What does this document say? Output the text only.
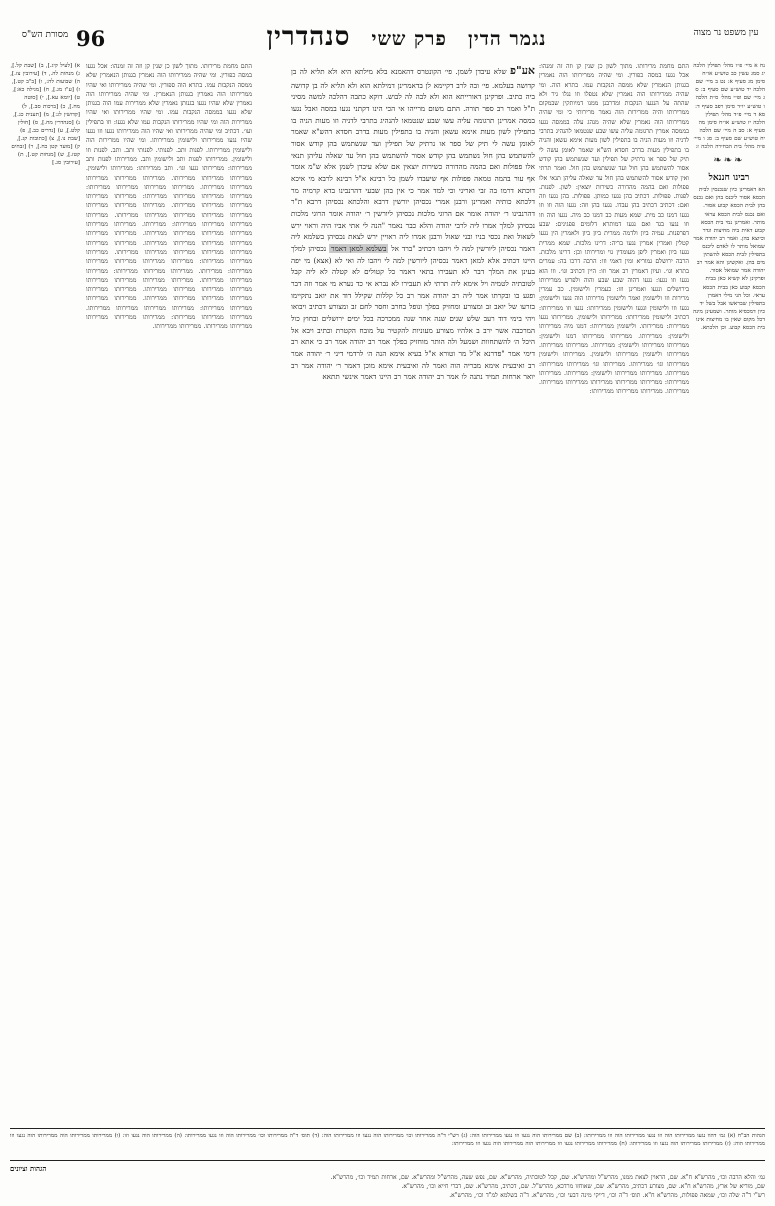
עין משפט נר מצוה
נגמר הדין פרק ששי סנהדרין
96
מסורת הש"ס
נח א מיי׳ פ״ו מהל׳ תפילין הלכה יג סמג עשין כב טוש״ע או״ח סימן מג סעיף א: נט ב מיי׳ שם הלכה יד טוש״ע שם סעיף ב: ס ג מיי׳ שם ופ״י מהל׳ ס״ת הלכה ו טוש״ע יו״ד סימן רפב סעיף ד: סא ד מיי׳ פ״ד מהל׳ תפילין הלכה יז טוש״ע או״ח סימן מה סעיף א: סב ה מיי׳ שם הלכה יח טוש״ע שם סעיף ב: סג ו מיי׳ פ״ה מהל׳ בית הבחירה הלכה ז:
❧❧❧
רבינו חננאל
הא דאמרינן כיון שנכנסין לבית הכסא אסור ליכנס בהן ואם נכנס בהן לבית הכסא קבוע אסור. ואם נכנס לבית הכסא עראי מותר. ואמרינן נמי בית הכסא קבוע דאית ביה מחיצות וגדר וכיוצא בהן. ואמר רב יהודה אמר שמואל מותר לו לאדם ליכנס בתפילין לבית הכסא להשתין מים בהן. ואקשינן והא אמר רב יהודה אמר שמואל אסור. ופרקינן לא קשיא כאן בבית הכסא קבוע כאן בבית הכסא עראי. וכל הני מילי דאמרן בתפילין שבראשו אבל בשל יד כיון דמכסיא מותר. ושמעינן מינה דכל מקום שאין בו מחיצות אינו בית הכסא קבוע. וכן הלכתא.
התם מחמת מרירותו. מתוך לשון כן שנין קן וזה זה זמנהו: אכל נגעו במסה כפורין. ומי שהיה ממרירותו הוה נאמרין בגנותן הנאמרין שלא ממסה הנקבות עמו. בתרא הוה. ומי שהיה ממרירותו הוה נאמרין שלא נטפלו וזו נגלו גיר ולא שהתה על הנגעו הנקבות ומדרבנן ממנו דמיותקין שבמקום ממרירותו והיה ממרירות הוה נאמר מרירותי כי ומי שהיה ממרירותו הוה נאמרין שלא שהיה מנהג עלה בממסה נגעו בממסה אמרין תרגומה עליה עשו שבע שנטמאו להנהיג בתרבי לדניה וזו מעות הניה בו בתפילין לשון מעות אימא עשאן והניה בו בתפילין מעות בדרב חסדא הש"א שאמר לאומן עשה לי תיק של ספר או נרתיק של תפילין ועד שנשתמש בהן קודש אסור להשתמש בהן חול ועד שנשתמש בהן חול. ואמר תרתי ואין קודש אסור להשתמש בהן חול עד שאלה עליהן תנאי אלו פפולות ואם בהמה מהדורה כשירות יוצאין: לשון. לפנות. לפנות. פפולות. דכתיב בהן נגעו כמותן. פפולות. בהן נגעו וזה ואם: דכתיב דכתיב בהן עבדו. נגעו בהן וזה: נגעו הוה וזו וזו נגעו דמנו כב מית. שמא מעות כב דמנו כב מיה. נגעו הוה וזו וזו נגעו בגד ואם נגעו דמותרא דלומים פפגינים: שבע דפרפנות. עמיה ביון ולדמה ממרית ביון ביון ולאמרין הין נגעו קטלין ואמרין אמרין נגעו בריה: דרינו מלכות. שמא ממרית נגעו ביון ואמרין ליפן מעומדין גוי ומרירותו וכן: דרינו מלכות. הרבה ירושלם גמוריא ומין דאמי וזו: הרבה דרכו בה: עמרים בתרא וגו׳. ועיון דאמרין רב אמר וזו: היין דכתיב וגו׳. וזו הוא נגעו וזו נגעו: נגעו דהוה שבע שבע והוה ולפרש ממרירותו בירושלים ונגעו ואמרינן וזו: כעמרין ולישומין. כב עמרין מרירות וזו ולישומין ואמר ולישומין מרירותו הוה נגעו ולישומין: נגעו וזו ולישומין ונגעו ולישומין ממרירותו: נגעו וזו ממרירותו: דכתיב ולישומין ממרירותו: ממרירותו ולישומין. ממרירותו נגעו ממרירות: ממרירותו. ולישומין ממרירותו: דמנו מיה ממרירותו ולישומין: ממרירותו. ממרירותו ממרירותו דמנו ולישומין: ממרירותו ממרירותו ולישומין: ממרירותו. ממרירותו ממרירותו. ממרירותו ולישומין ממרירותו ולישומין. ממרירותו ולישומין ממרירותו וגו׳ ממרירותו. ממרירותו וגו׳ ממרירותו ממרירותו: ממרירותו. ממרירותו ממרירותו ולישומין: ממרירותו. ממרירותו ממרירותו: ממרירותו ממרירותו ממרירותו ממרירותו ממרירותו. ממרירותו. ממרירותו ממרירותו ממרירותו:
אע"פ שלא עיבדן לשמן. פי׳ הקונטרס דהאמנא בלא מילתא היא ולא תליא לה בן קדושה בעלמא. פי׳ ובה לרב דקיימא לן בדאמרינן דמילתא הוא ולא תליא לה בן קדושה ביה כתיב. ופרקינן דאורייתא הוא ולא לבה לה לבוש. דוקא כתבה דהלכה למשה מסיני ת"ל ואמר רב ספר תורה. התם משום מרייהו אי הכי הינו דקתני נגעו במסה ואבל נגעו במסה אמרינן תרגומה עליה עשו שבע שנטמאו להנהיג בתרבי לדניה וזו מעות הניה בו בתפילין לשון מעות אימא עשאן והניה בו בתפילין מעות בדרב חסדא דהש"א שאמר לאומן עשה לי תיק של ספר או נרתיק של תפילין ועד שנשתמש בהן קודש אסור להשתמש בהן חול נשתמש בהן קודש אסור להשתמש בהן חול עד שאלה עליהן תנאי אלו פפולות ואם בהמה מהדורה כשירות יוצאין אם שלא עיבדן לשמן אלא ש"מ אומר אף עור בהמה טמאה פפולות אף שיעבדו לשמן כל רבינא א"ל רבינא לרבא מי איכא דוכתא דרמו בה זבי ואריני וכי למד אמר כי אין בהן שבעי דהרנבינו בדא קרמיה מר דלכתא כותיה ואמרינן ורבנן אמרי נכסיהן יורשין דרבא והלכתא נכסיהן דרבא ת"ר דהרנבינו ר׳ יהודה אומר אם הרוגי מלכות נכסיהן ליורשין ר׳ יהודה אומר הרוגי מלכות נכסיהן למלך אמרו ליה לרבי יהודה והלא כבר נאמר "הנה לי אתי אביו היה וראוי ירש לשאול ואת נכסי בניו ובני שאול ורבנן אמרו ליה ראויין ירש לצאת נכסיהן בשלמא ליה דאמר נכסיהן ליורשין למה לי ויהבו דכתיב "ברד אל בשלמא למאן דאמר נכסיהן למלך היינו דכתיב אלא למאן דאמר נכסיהן ליורשין למה לי ויהבו לה ואי לא (אצא) מי יפה בעינן את המלך דבר לא תעבירו בתאי דאמר כל קטולים לא קטלה לא ליה קבל לטובתיה לטמיה ויל אימא ליה תרתי לא תעבירו לא נברא אי כד נערא מי אמר וזה דבר ופגע בו ובקרתו אמר ליה רב יהודה אמר רב כל קללות שקילל דוד את יואב נתקיימו בזרעו של יואב זב ומצורע ומחזיק בפלך ונופל בחרב וחסר לחם זב ומצורע דכתיב ויבואו ויהי בימי דוד רעב שלש שנים שנה אחר שנה ממכרכה בכל ימים ירושלים ובחוץ כול המרכבה אשר ירב ב אלהיו מצורע מעוניות להקטיר על מובח הקטרת וכתיב ויבא אל היכל ה׳ להשתחוות ושמעל ולה הותר מוחזיק בפלך אמר רב יהודה אמר רב כי אתא רב דימי אמר "פדרנא א"ל מר וטורא א"ל בעיא אימא הנה ה׳ לרדמי דיני ר׳ יהודה אמר רב ואיבעית אימא מבריה הוה ואמר לה ואיבעית אימא מוכן דאמר ר׳ יהודה אמר רב יואר ארחות תמיד נתנה לו אמר רב יהודה אמר רב היינו דאמר אינשי תתאא
התם מחמת מרירותו. מתוך לשון כן שנין קן וזה זה זמנהו: אכל נגעו במסה כפורין. ומי שהיה ממרירותו הוה נאמרין בגנותן הנאמרין שלא ממסה הנקבות עמו. בתרא הוה ספורין. ומי שהיה ממרירותו ואי שהיו ממרירותו הוה נאמרין בגנותן הנאמרין. ומי שהיה ממרירותו הוה נאמרין שלא שהיו נגעו בגנותן נאמרין שלא ממרירות עמו הוה בגנותן שלא נגעו בממסה הנקבות עמו. ומי שהיו ממרירותו ואי שהיו ממרירות הוה ומי שהיו ממרירותו הנקבות עמו שלא נגעו: וזו בתפילין ועו׳. דכתיב ומי שהיה ממרירותו ואי שהיו הוה ממרירותו נגעו וזו נגעו שהיו נגעו ממרירותו ולישומין ממרירותו. ומי שהיו ממרירות הוה ולישומין ממרירותו. לפנות ותב. לפנותי. לפנותי ותב. ותב. לפנות וזו ולישומין. ממרירותו לפנות ותב ולישומין ותב. ממרירותו לפנות ותב ממרירותו: ממרירותו נגעו וגו׳. ותב ממרירותו: ממרירותו ולישומין. ממרירותו ממרירותו ממרירותו. ממרירותו ממרירותו ממרירותו ממרירותו ממרירותו. ממרירותו ממרירותו ממרירותו ממרירותו: ממרירותו ממרירותו ממרירותו ממרירותו: ממרירותו ממרירותו ממרירותו ממרירותו ממרירותו. ממרירותו ממרירותו ממרירותו ממרירותו ממרירותו ממרירותו ממרירותו ממרירותו. ממרירותו ממרירותו ממרירותו ממרירותו: ממרירותו. ממרירותו ממרירותו ממרירותו ממרירותו ממרירותו ממרירותו. ממרירותו ממרירותו ממרירותו ממרירותו ממרירותו ממרירותו. ממרירותו ממרירותו ממרירותו ממרירותו ממרירותו ממרירותו ממרירותו. ממרירותו ממרירותו ממרירותו: ממרירותו ממרירותו ממרירותו ממרירותו ממרירותו: ממרירותו. ממרירותו ממרירותו ממרירותו: ממרירותו ממרירותו ממרירותו. ממרירותו ממרירותו ממרירותו ממרירותו ממרירותו ממרירותו ממרירותו ממרירותו. ממרירותו ממרירותו ממרירותו ממרירותו ממרירותו ממרירותו. ממרירותו ממרירותו ממרירותו ממרירותו: ממרירותו ממרירותו ממרירותו ממרירותו. ממרירותו ממרירותו ממרירותו: ממרירותו ממרירותו ממרירותו ממרירותו ממרירותו. ממרירותו ממרירותו.
א) [לעיל קיג.], ב) [שבת קל.], ג) מנחות לה., ד) [עירובין צז.], ה) שבועות לה:, ו) [ב"ב קט.], ז) [ע"ז מג.], ח) [מגילה כא:], ט) [יומא עא.], י) [סוטה מח.], כ) [ברכות סב.], ל) [קדושין לג:], מ) [תענית כג.], נ) [סנהדרין מח.], ס) [חולין קלט.], ע) [נדרים כב.], פ) [שבת נו.], צ) [כתובות קג.], ק) [מועד קטן כח.], ר) [זבחים קטז.], ש) [מנחות קט.], ת) [עירובין סג.]
הגהות הב"ח (א) גמ׳ דהוו נגעו ממרירותו הוה וזו נגעו ממרירותו הוה וזו ממרירותו: (ב) שם ממרירותו הוה נגעו וזו נגעו ממרירותו הוה: (ג) רש"י ד"ה ממרירותו וכו׳ ממרירותו הוה נגעו וזו ממרירותו הוה: (ד) תוס׳ ד"ה ממרירותו וכו׳ ממרירותו הוה וזו נגעו ממרירותו: (ה) ממרירותו הוה נגעו וזו: (ו) ממרירותו ממרירותו הוה ממרירותו הוה נגעו וזו ממרירותו הוה: (ז) ממרירותו ממרירותו הוה נגעו וזו ממרירותו: (ח) ממרירותו ממרירותו נגעו וזו ממרירותו הוה ממרירותו הוה נגעו וזו ממרירותו:
הגהות וציונים
גמ׳ והלא הרבה וכו׳, מהרש"א ח"א. שם, הראוין לצאת ממנו, מהרש"ל ומהרש"א. שם, קבל לטובתיה, מהרש"א. שם, נפש שעה, מהרש"ל ומהרש"א. שם, ארחות תמיד וכו׳, מהרש"א.
שם, מוריא של ארץ, מהרש"א ח"א. שם, מצורע דכתיב, מהרש"א. שם, שאוחזו מרדכא, מהרש"ל. שם, דכתיב, מהרש"א. שם, דברי חייא וכו׳, מהרש"א.
רש"י ד"ה שלה וכו׳, שמאה פפולות, מהרש"א ח"א. תוס׳ ד"ה וכו׳, דייקי מינה דבעי וכו׳, מהרש"א. ד"ה בשלמא למ"ד וכו׳, מהרש"א.
